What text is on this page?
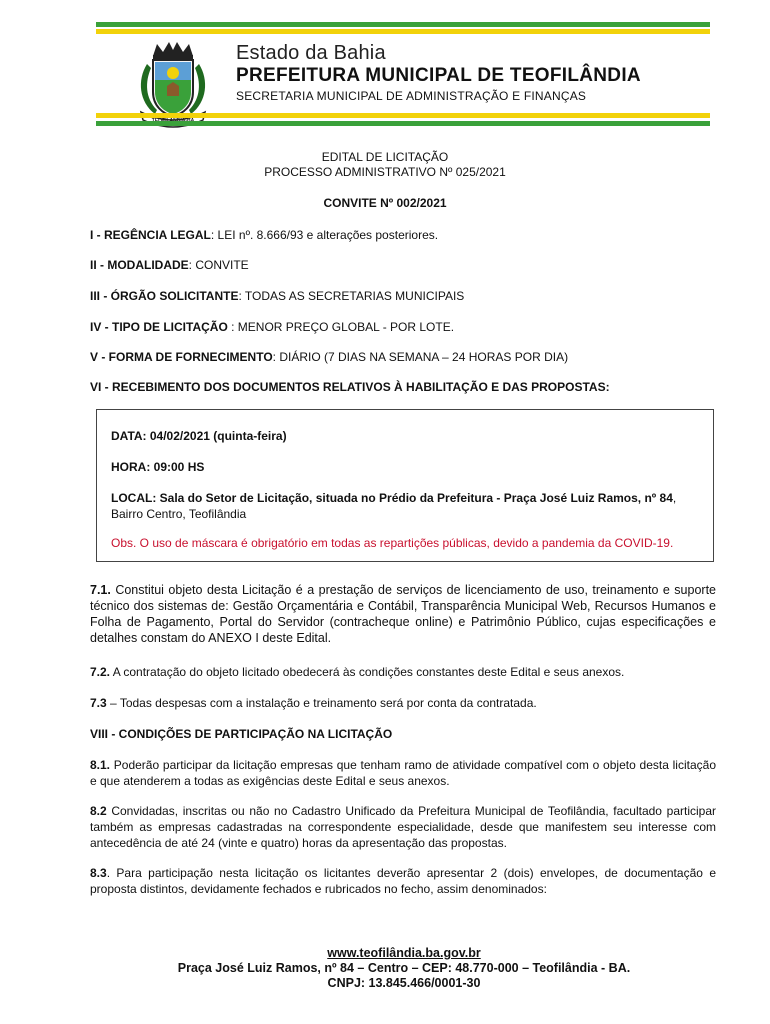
Estado da Bahia
PREFEITURA MUNICIPAL DE TEOFILÂNDIA
SECRETARIA MUNICIPAL DE ADMINISTRAÇÃO E FINANÇAS
EDITAL DE LICITAÇÃO
PROCESSO ADMINISTRATIVO Nº 025/2021
CONVITE Nº 002/2021
I - REGÊNCIA LEGAL: LEI nº. 8.666/93 e alterações posteriores.
II - MODALIDADE: CONVITE
III - ÓRGÃO SOLICITANTE: TODAS AS SECRETARIAS MUNICIPAIS
IV - TIPO DE LICITAÇÃO : MENOR PREÇO GLOBAL - POR LOTE.
V - FORMA DE FORNECIMENTO: DIÁRIO (7 DIAS NA SEMANA – 24 HORAS POR DIA)
VI - RECEBIMENTO DOS DOCUMENTOS RELATIVOS À HABILITAÇÃO E DAS PROPOSTAS:
DATA: 04/02/2021 (quinta-feira)
HORA: 09:00 HS
LOCAL: Sala do Setor de Licitação, situada no Prédio da Prefeitura - Praça José Luiz Ramos, nº 84, Bairro Centro, Teofilândia
Obs. O uso de máscara é obrigatório em todas as repartições públicas, devido a pandemia da COVID-19.
7.1. Constitui objeto desta Licitação é a prestação de serviços de licenciamento de uso, treinamento e suporte técnico dos sistemas de: Gestão Orçamentária e Contábil, Transparência Municipal Web, Recursos Humanos e Folha de Pagamento, Portal do Servidor (contracheque online) e Patrimônio Público, cujas especificações e detalhes constam do ANEXO I deste Edital.
7.2. A contratação do objeto licitado obedecerá às condições constantes deste Edital e seus anexos.
7.3 – Todas despesas com a instalação e treinamento será por conta da contratada.
VIII - CONDIÇÕES DE PARTICIPAÇÃO NA LICITAÇÃO
8.1. Poderão participar da licitação empresas que tenham ramo de atividade compatível com o objeto desta licitação e que atenderem a todas as exigências deste Edital e seus anexos.
8.2 Convidadas, inscritas ou não no Cadastro Unificado da Prefeitura Municipal de Teofilândia, facultado participar também as empresas cadastradas na correspondente especialidade, desde que manifestem seu interesse com antecedência de até 24 (vinte e quatro) horas da apresentação das propostas.
8.3. Para participação nesta licitação os licitantes deverão apresentar 2 (dois) envelopes, de documentação e proposta distintos, devidamente fechados e rubricados no fecho, assim denominados:
www.teofilândia.ba.gov.br
Praça José Luiz Ramos, nº 84 – Centro – CEP: 48.770-000 – Teofilândia - BA.
CNPJ: 13.845.466/0001-30
